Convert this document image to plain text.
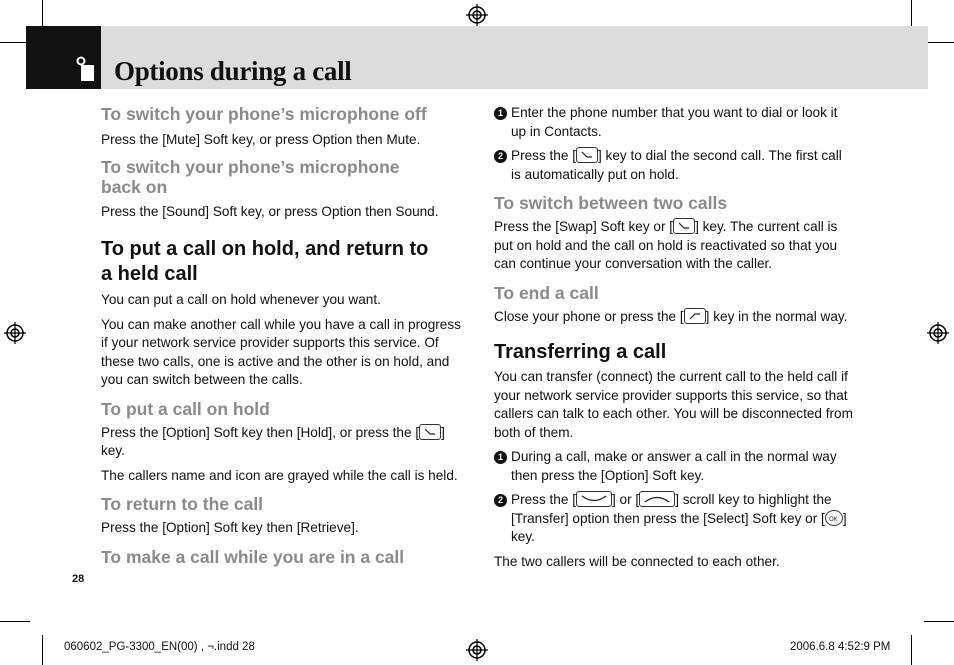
Options during a call

To switch your phone’s microphone off

Press the [Mute] Soft key, or press Option then Mute.

To switch your phone’s microphone

back on

Press the [Sound] Soft key, or press Option then Sound.

To put a call on hold, and return to

a held call

You can put a call on hold whenever you want.

You can make another call while you have a call in progress

if your network service provider supports this service. Of

these two calls, one is active and the other is on hold, and

you can switch between the calls.

To put a call on hold

Press the [Option] Soft key then [Hold], or press the [ ]

key.

The callers name and icon are grayed while the call is held.

To return to the call

Press the [Option] Soft key then [Retrieve].

To make a call while you are in a call

1 Enter the phone number that you want to dial or look it
up in Contacts.
2 Press the [ ] key to dial the second call. The first call
is automatically put on hold.

To switch between two calls

Press the [Swap] Soft key or [ ] key. The current call is

put on hold and the call on hold is reactivated so that you

can continue your conversation with the caller.

To end a call

Close your phone or press the [ ] key in the normal way.

Transferring a call

You can transfer (connect) the current call to the held call if

your network service provider supports this service, so that

callers can talk to each other. You will be disconnected from

both of them.

1 During a call, make or answer a call in the normal way
then press the [Option] Soft key.
2 Press the [	] or [	] scroll key to highlight the
[Transfer] option then press the [Select] Soft key or [ OK ]
key.

The two callers will be connected to each other.

28
060602_PG-3300_EN(00) , ¬.indd 28	2006.6.8 4:52:9 PM
